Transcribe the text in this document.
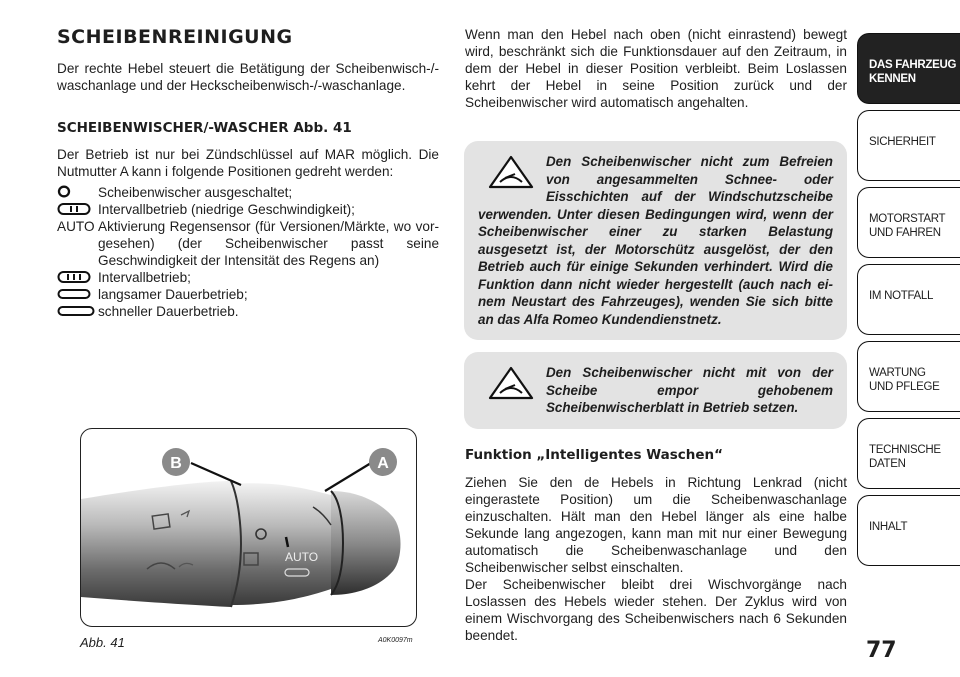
SCHEIBENREINIGUNG

Der rechte Hebel steuert die Betätigung der Scheibenwisch-/-waschanlage und der Heckscheibenwisch-/-waschanlage.

SCHEIBENWISCHER/-WASCHER Abb. 41

Der Betrieb ist nur bei Zündschlüssel auf MAR möglich. Die Nutmutter A kann i folgende Positionen gedreht werden:

Scheibenwischer ausgeschaltet;
Intervallbetrieb (niedrige Geschwindigkeit);
AUTO Aktivierung Regensensor (für Versionen/Märkte, wo vorgesehen) (der Scheibenwischer passt seine Geschwindigkeit der Intensität des Regens an)
Intervallbetrieb;
langsamer Dauerbetrieb;
schneller Dauerbetrieb.
AUTO
B	A
Abb. 41	A0K0097m

Wenn man den Hebel nach oben (nicht einrastend) bewegt wird, beschränkt sich die Funktionsdauer auf den Zeitraum, in dem der Hebel in dieser Position verbleibt. Beim Loslassen kehrt der Hebel in seine Position zurück und der Scheibenwischer wird automatisch angehalten.

Den Scheibenwischer nicht zum Befreien von angesammelten Schnee- oder Eisschichten auf der Windschutzscheibe verwenden. Unter diesen Bedingungen wird, wenn der Scheibenwischer einer zu starken Belastung ausgesetzt ist, der Motorschütz ausgelöst, der den Betrieb auch für einige Sekunden verhindert. Wird die Funktion dann nicht wieder hergestellt (auch nach einem Neustart des Fahrzeuges), wenden Sie sich bitte an das Alfa Romeo Kundendienstnetz.
Den Scheibenwischer nicht mit von der Scheibe empor gehobenem Scheibenwischerblatt in Betrieb setzen.
Funktion „Intelligentes Waschen“

Ziehen Sie den de Hebels in Richtung Lenkrad (nicht eingerastete Position) um die Scheibenwaschanlage einzuschalten. Hält man den Hebel länger als eine halbe Sekunde lang angezogen, kann man mit nur einer Bewegung automatisch die Scheibenwaschanlage und den Scheibenwischer selbst einschalten.

Der Scheibenwischer bleibt drei Wischvorgänge nach Loslassen des Hebels wieder stehen. Der Zyklus wird von einem Wischvorgang des Scheibenwischers nach 6 Sekunden beendet.

77
DAS FAHRZEUG
KENNEN
SICHERHEIT
MOTORSTART
UND FAHREN
IM NOTFALL
WARTUNG
UND PFLEGE
TECHNISCHE
DATEN
INHALT
